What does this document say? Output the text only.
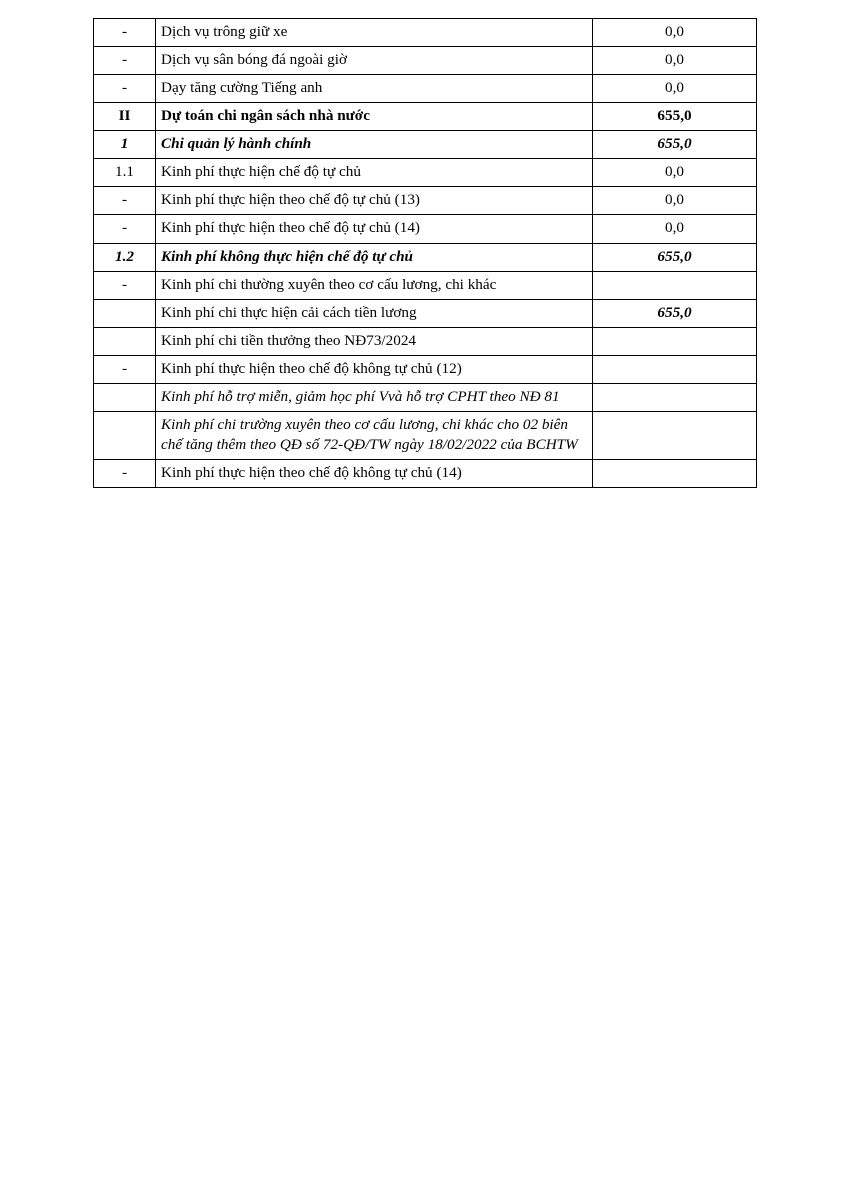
-	Dịch vụ trông giữ xe	0,0
-	Dịch vụ sân bóng đá ngoài giờ	0,0
-	Dạy tăng cường Tiếng anh	0,0
II	Dự toán chi ngân sách nhà nước	655,0
1	Chi quản lý hành chính	655,0
1.1	Kinh phí thực hiện chế độ tự chủ	0,0
-	Kinh phí thực hiện theo chế độ tự chủ (13)	0,0
-	Kinh phí thực hiện theo chế độ tự chủ (14)	0,0
1.2	Kinh phí không thực hiện chế độ tự chủ	655,0
-	Kinh phí chi thường xuyên theo cơ cấu lương, chi khác	
	Kinh phí chi thực hiện cải cách tiền lương	655,0
	Kinh phí chi tiền thưởng theo NĐ73/2024	
-	Kinh phí thực hiện theo chế độ không tự chủ (12)	
	Kinh phí hỗ trợ miễn, giảm học phí Vvà hỗ trợ CPHT theo NĐ 81	
	Kinh phí chi trường xuyên theo cơ cấu lương, chi khác cho 02 biên chế tăng thêm theo QĐ số 72-QĐ/TW ngày 18/02/2022 của BCHTW	
-	Kinh phí thực hiện theo chế độ không tự chủ (14)	
